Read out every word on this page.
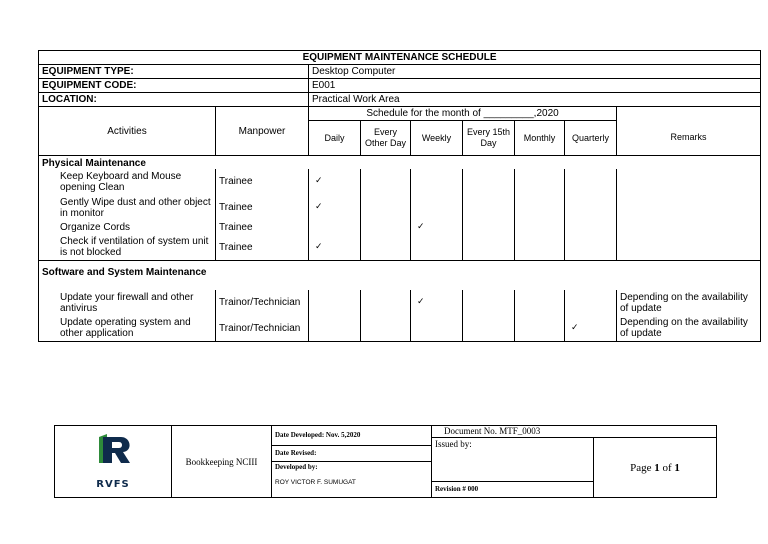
EQUIPMENT MAINTENANCE SCHEDULE								
EQUIPMENT TYPE:		Desktop Computer						
EQUIPMENT CODE:		E001						
LOCATION:		Practical Work Area						
Activities	Manpower	Schedule for the month of _________,2020						
		Daily	Every Other Day	Weekly	Every 15th Day	Monthly	Quarterly	Remarks
Physical Maintenance								
Keep Keyboard and Mouse opening Clean	Trainee	✓						
Gently Wipe dust and other object in monitor	Trainee	✓						
Organize Cords	Trainee			✓				
Check if ventilation of system unit is not blocked	Trainee	✓						
Software and System Maintenance								

Update your firewall and other antivirus	Trainor/Technician			✓				Depending on the availability of update
Update operating system and other application	Trainor/Technician						✓	Depending on the availability of update
RVFS	Bookkeeping NCIII	Date Developed: Nov. 5,2020	Document No. MTF_0003	
			Issued by:	Page 1 of 1
		Date Revised:		

		Developed by:
ROY VICTOR F. SUMUGAT		

			Revision # 000	
